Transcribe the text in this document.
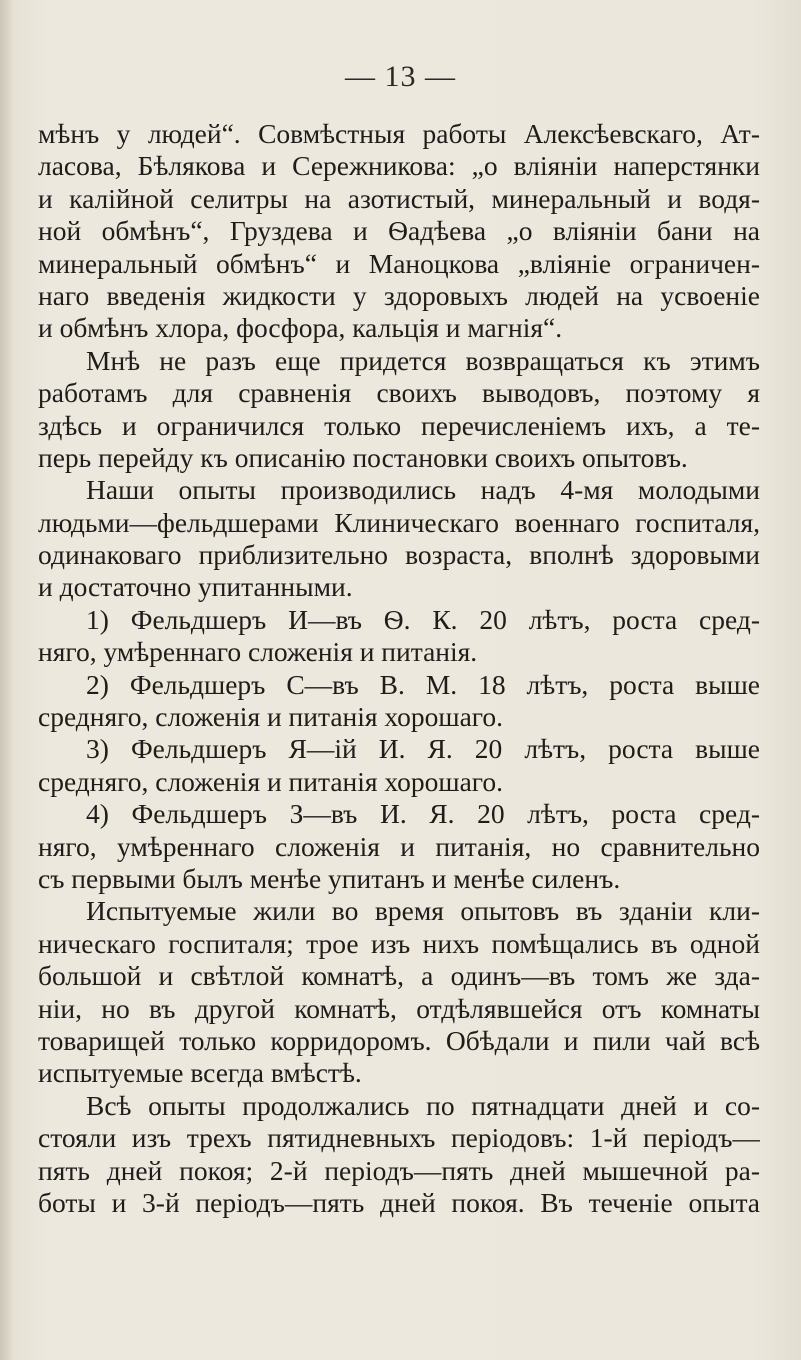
— 13 —
мѣнъ у людей“. Совмѣстныя работы Алексѣевскаго, Ат-
ласова, Бѣлякова и Сережникова: „о вліяніи наперстянки
и калійной селитры на азотистый, минеральный и водя-
ной обмѣнъ“, Груздева и Ѳадѣева „о вліяніи бани на
минеральный обмѣнъ“ и Маноцкова „вліяніе ограничен-
наго введенія жидкости у здоровыхъ людей на усвоеніе
и обмѣнъ хлора, фосфора, кальція и магнія“.
Мнѣ не разъ еще придется возвращаться къ этимъ
работамъ для сравненія своихъ выводовъ, поэтому я
здѣсь и ограничился только перечисленіемъ ихъ, а те-
перь перейду къ описанію постановки своихъ опытовъ.
Наши опыты производились надъ 4-мя молодыми
людьми—фельдшерами Клиническаго военнаго госпиталя,
одинаковаго приблизительно возраста, вполнѣ здоровыми
и достаточно упитанными.
1) Фельдшеръ И—въ Ѳ. К. 20 лѣтъ, роста сред-
няго, умѣреннаго сложенія и питанія.
2) Фельдшеръ С—въ В. М. 18 лѣтъ, роста выше
средняго, сложенія и питанія хорошаго.
3) Фельдшеръ Я—ій И. Я. 20 лѣтъ, роста выше
средняго, сложенія и питанія хорошаго.
4) Фельдшеръ З—въ И. Я. 20 лѣтъ, роста сред-
няго, умѣреннаго сложенія и питанія, но сравнительно
съ первыми былъ менѣе упитанъ и менѣе силенъ.
Испытуемые жили во время опытовъ въ зданіи кли-
ническаго госпиталя; трое изъ нихъ помѣщались въ одной
большой и свѣтлой комнатѣ, а одинъ—въ томъ же зда-
ніи, но въ другой комнатѣ, отдѣлявшейся отъ комнаты
товарищей только корридоромъ. Обѣдали и пили чай всѣ
испытуемые всегда вмѣстѣ.
Всѣ опыты продолжались по пятнадцати дней и со-
стояли изъ трехъ пятидневныхъ періодовъ: 1-й періодъ—
пять дней покоя; 2-й періодъ—пять дней мышечной ра-
боты и 3-й періодъ—пять дней покоя. Въ теченіе опыта
